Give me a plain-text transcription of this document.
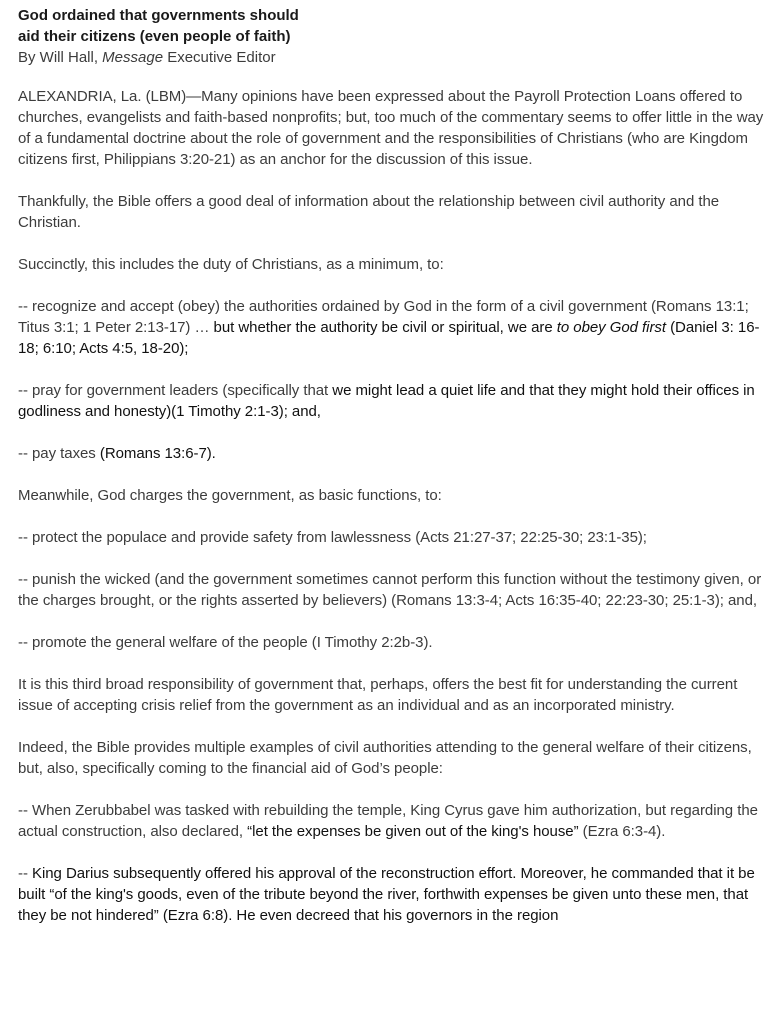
God ordained that governments should
aid their citizens (even people of faith)
By Will Hall, Message Executive Editor

ALEXANDRIA, La. (LBM)—Many opinions have been expressed about the Payroll Protection Loans offered to churches, evangelists and faith-based nonprofits; but, too much of the commentary seems to offer little in the way of a fundamental doctrine about the role of government and the responsibilities of Christians (who are Kingdom citizens first, Philippians 3:20-21) as an anchor for the discussion of this issue.

Thankfully, the Bible offers a good deal of information about the relationship between civil authority and the Christian.

Succinctly, this includes the duty of Christians, as a minimum, to:

-- recognize and accept (obey) the authorities ordained by God in the form of a civil government (Romans 13:1; Titus 3:1; 1 Peter 2:13-17) … but whether the authority be civil or spiritual, we are to obey God first (Daniel 3: 16-18; 6:10; Acts 4:5, 18-20);

-- pray for government leaders (specifically that we might lead a quiet life and that they might hold their offices in godliness and honesty)(1 Timothy 2:1-3); and,

-- pay taxes (Romans 13:6-7).

Meanwhile, God charges the government, as basic functions, to:

-- protect the populace and provide safety from lawlessness (Acts 21:27-37; 22:25-30; 23:1-35);

-- punish the wicked (and the government sometimes cannot perform this function without the testimony given, or the charges brought, or the rights asserted by believers) (Romans 13:3-4; Acts 16:35-40; 22:23-30; 25:1-3); and,

-- promote the general welfare of the people (I Timothy 2:2b-3).

It is this third broad responsibility of government that, perhaps, offers the best fit for understanding the current issue of accepting crisis relief from the government as an individual and as an incorporated ministry.

Indeed, the Bible provides multiple examples of civil authorities attending to the general welfare of their citizens, but, also, specifically coming to the financial aid of God’s people:

-- When Zerubbabel was tasked with rebuilding the temple, King Cyrus gave him authorization, but regarding the actual construction, also declared, “let the expenses be given out of the king's house” (Ezra 6:3-4).

-- King Darius subsequently offered his approval of the reconstruction effort. Moreover, he commanded that it be built “of the king's goods, even of the tribute beyond the river, forthwith expenses be given unto these men, that they be not hindered” (Ezra 6:8). He even decreed that his governors in the region
